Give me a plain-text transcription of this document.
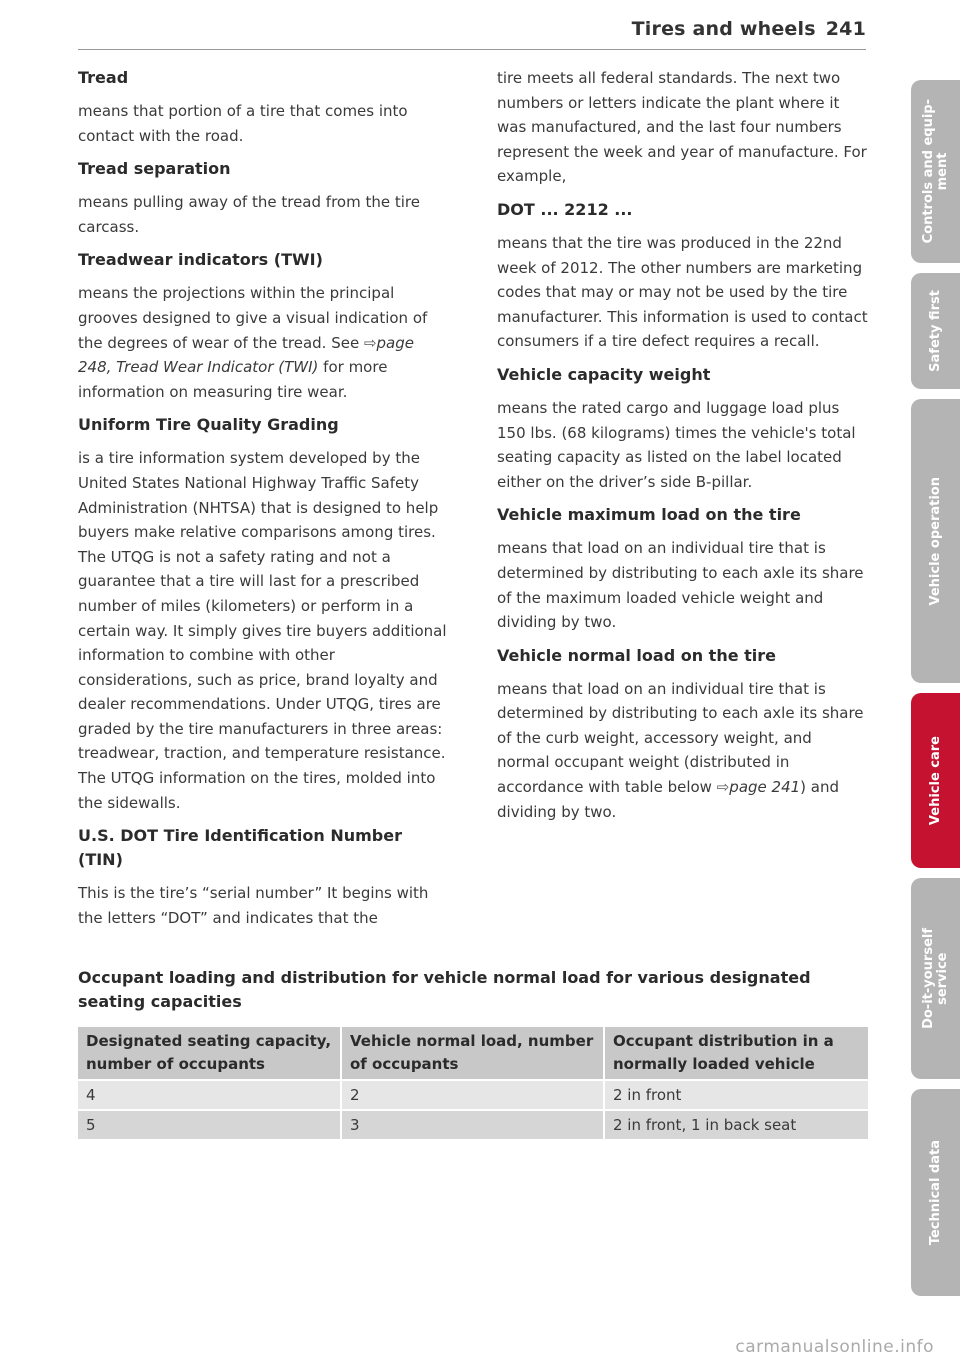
Tires and wheels 241
Tread

means that portion of a tire that comes into contact with the road.

Tread separation

means pulling away of the tread from the tire carcass.

Treadwear indicators (TWI)

means the projections within the principal grooves designed to give a visual indication of the degrees of wear of the tread. See ⇨page 248, Tread Wear Indicator (TWI) for more information on measuring tire wear.

Uniform Tire Quality Grading

is a tire information system developed by the United States National Highway Traffic Safety Administration (NHTSA) that is designed to help buyers make relative comparisons among tires. The UTQG is not a safety rating and not a guarantee that a tire will last for a prescribed number of miles (kilometers) or perform in a certain way. It simply gives tire buyers additional information to combine with other considerations, such as price, brand loyalty and dealer recommendations. Under UTQG, tires are graded by the tire manufacturers in three areas: treadwear, traction, and temperature resistance. The UTQG information on the tires, molded into the sidewalls.

U.S. DOT Tire Identification Number (TIN)

This is the tire’s “serial number” It begins with the letters “DOT” and indicates that the

tire meets all federal standards. The next two numbers or letters indicate the plant where it was manufactured, and the last four numbers represent the week and year of manufacture. For example,

DOT ... 2212 ...

means that the tire was produced in the 22nd week of 2012. The other numbers are marketing codes that may or may not be used by the tire manufacturer. This information is used to contact consumers if a tire defect requires a recall.

Vehicle capacity weight

means the rated cargo and luggage load plus 150 lbs. (68 kilograms) times the vehicle's total seating capacity as listed on the label located either on the driver’s side B-pillar.

Vehicle maximum load on the tire

means that load on an individual tire that is determined by distributing to each axle its share of the maximum loaded vehicle weight and dividing by two.

Vehicle normal load on the tire

means that load on an individual tire that is determined by distributing to each axle its share of the curb weight, accessory weight, and normal occupant weight (distributed in accordance with table below ⇨page 241) and dividing by two.

Occupant loading and distribution for vehicle normal load for various designated seating capacities
Designated seating capacity, number of occupants	Vehicle normal load, number of occupants	Occupant distribution in a normally loaded vehicle
4	2	2 in front
5	3	2 in front, 1 in back seat
Controls and equip-
ment
Safety first
Vehicle operation
Vehicle care
Do-it-yourself
service
Technical data
carmanualsonline.info
